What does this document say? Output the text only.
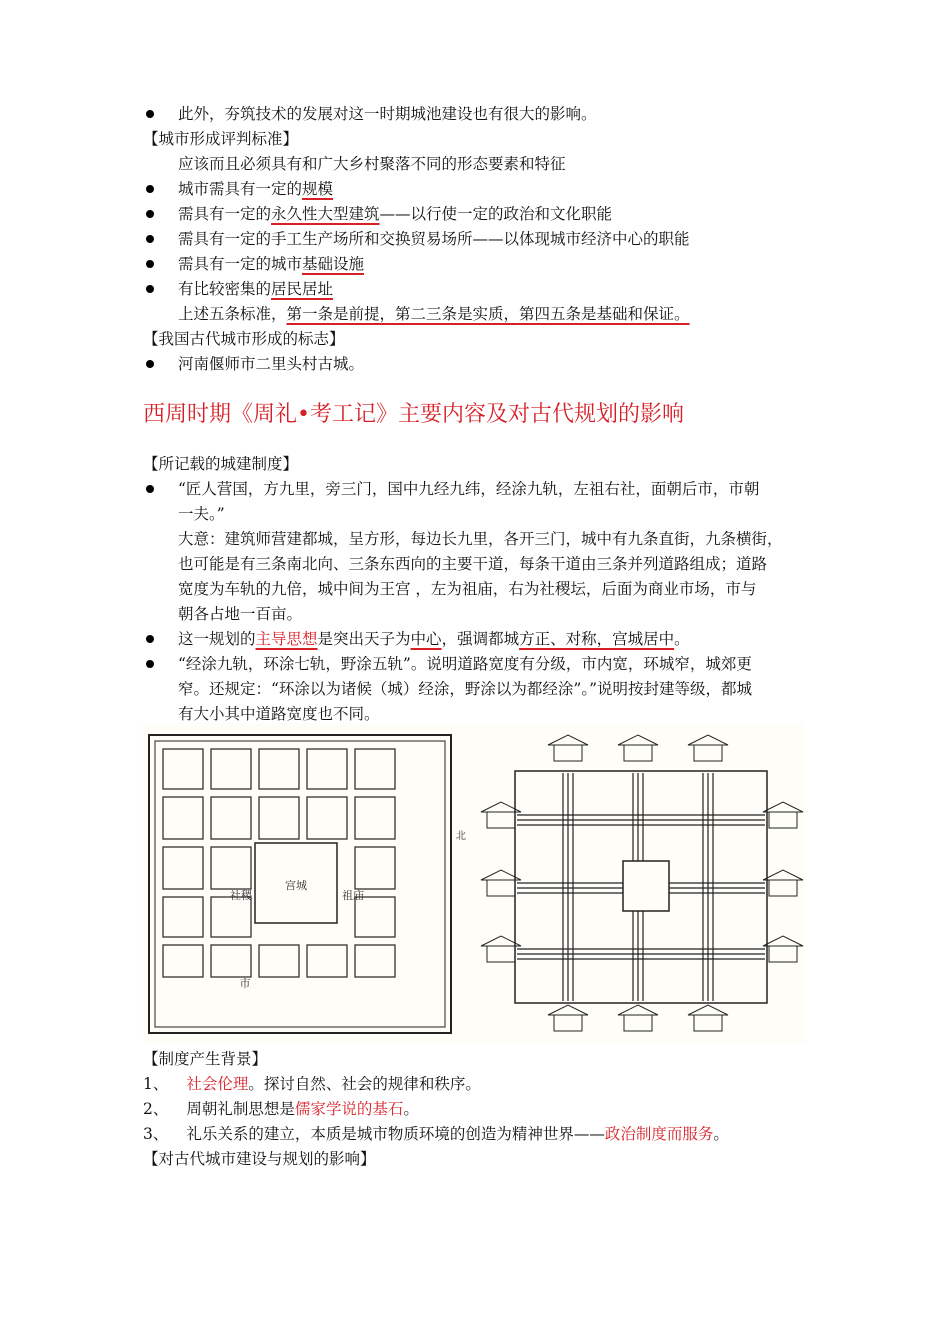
此外，夯筑技术的发展对这一时期城池建设也有很大的影响。
【城市形成评判标准】
应该而且必须具有和广大乡村聚落不同的形态要素和特征
城市需具有一定的规模
需具有一定的永久性大型建筑——以行使一定的政治和文化职能
需具有一定的手工生产场所和交换贸易场所——以体现城市经济中心的职能
需具有一定的城市基础设施
有比较密集的居民居址
上述五条标准，第一条是前提，第二三条是实质，第四五条是基础和保证。
【我国古代城市形成的标志】
河南偃师市二里头村古城。
西周时期《周礼•考工记》主要内容及对古代规划的影响
【所记载的城建制度】
“匠人营国，方九里，旁三门，国中九经九纬，经涂九轨，左祖右社，面朝后市，市朝
一夫。”
大意：建筑师营建都城，呈方形，每边长九里，各开三门，城中有九条直街，九条横街，
也可能是有三条南北向、三条东西向的主要干道，每条干道由三条并列道路组成；道路
宽度为车轨的九倍，城中间为王宫 ，左为祖庙，右为社稷坛，后面为商业市场，市与
朝各占地一百亩。
这一规划的主导思想是突出天子为中心，强调都城方正、对称，宫城居中。
“经涂九轨，环涂七轨，野涂五轨”。说明道路宽度有分级，市内宽，环城窄，城郊更
窄。还规定：“环涂以为诸候（城）经涂，野涂以为都经涂”。”说明按封建等级，都城
有大小其中道路宽度也不同。
宫城
社稷	祖庙
市
北
【制度产生背景】
1、 社会伦理。探讨自然、社会的规律和秩序。
2、 周朝礼制思想是儒家学说的基石。
3、 礼乐关系的建立，本质是城市物质环境的创造为精神世界——政治制度而服务。
【对古代城市建设与规划的影响】
